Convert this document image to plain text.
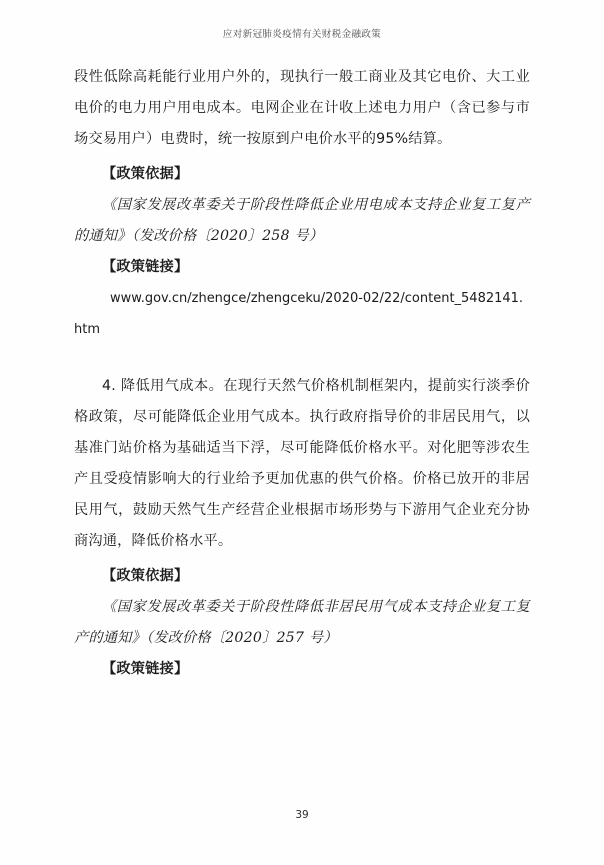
应对新冠肺炎疫情有关财税金融政策

段性低除高耗能行业用户外的，现执行一般工商业及其它电价、大工业电价的电力用户用电成本。电网企业在计收上述电力用户（含已参与市场交易用户）电费时，统一按原到户电价水平的95%结算。

【政策依据】

《国家发展改革委关于阶段性降低企业用电成本支持企业复工复产的通知》（发改价格〔2020〕258 号）

【政策链接】

www.gov.cn/zhengce/zhengceku/2020-02/22/content_5482141.htm

4. 降低用气成本。在现行天然气价格机制框架内，提前实行淡季价格政策，尽可能降低企业用气成本。执行政府指导价的非居民用气，以基准门站价格为基础适当下浮，尽可能降低价格水平。对化肥等涉农生产且受疫情影响大的行业给予更加优惠的供气价格。价格已放开的非居民用气，鼓励天然气生产经营企业根据市场形势与下游用气企业充分协商沟通，降低价格水平。

【政策依据】

《国家发展改革委关于阶段性降低非居民用气成本支持企业复工复产的通知》（发改价格〔2020〕257 号）

【政策链接】

39
